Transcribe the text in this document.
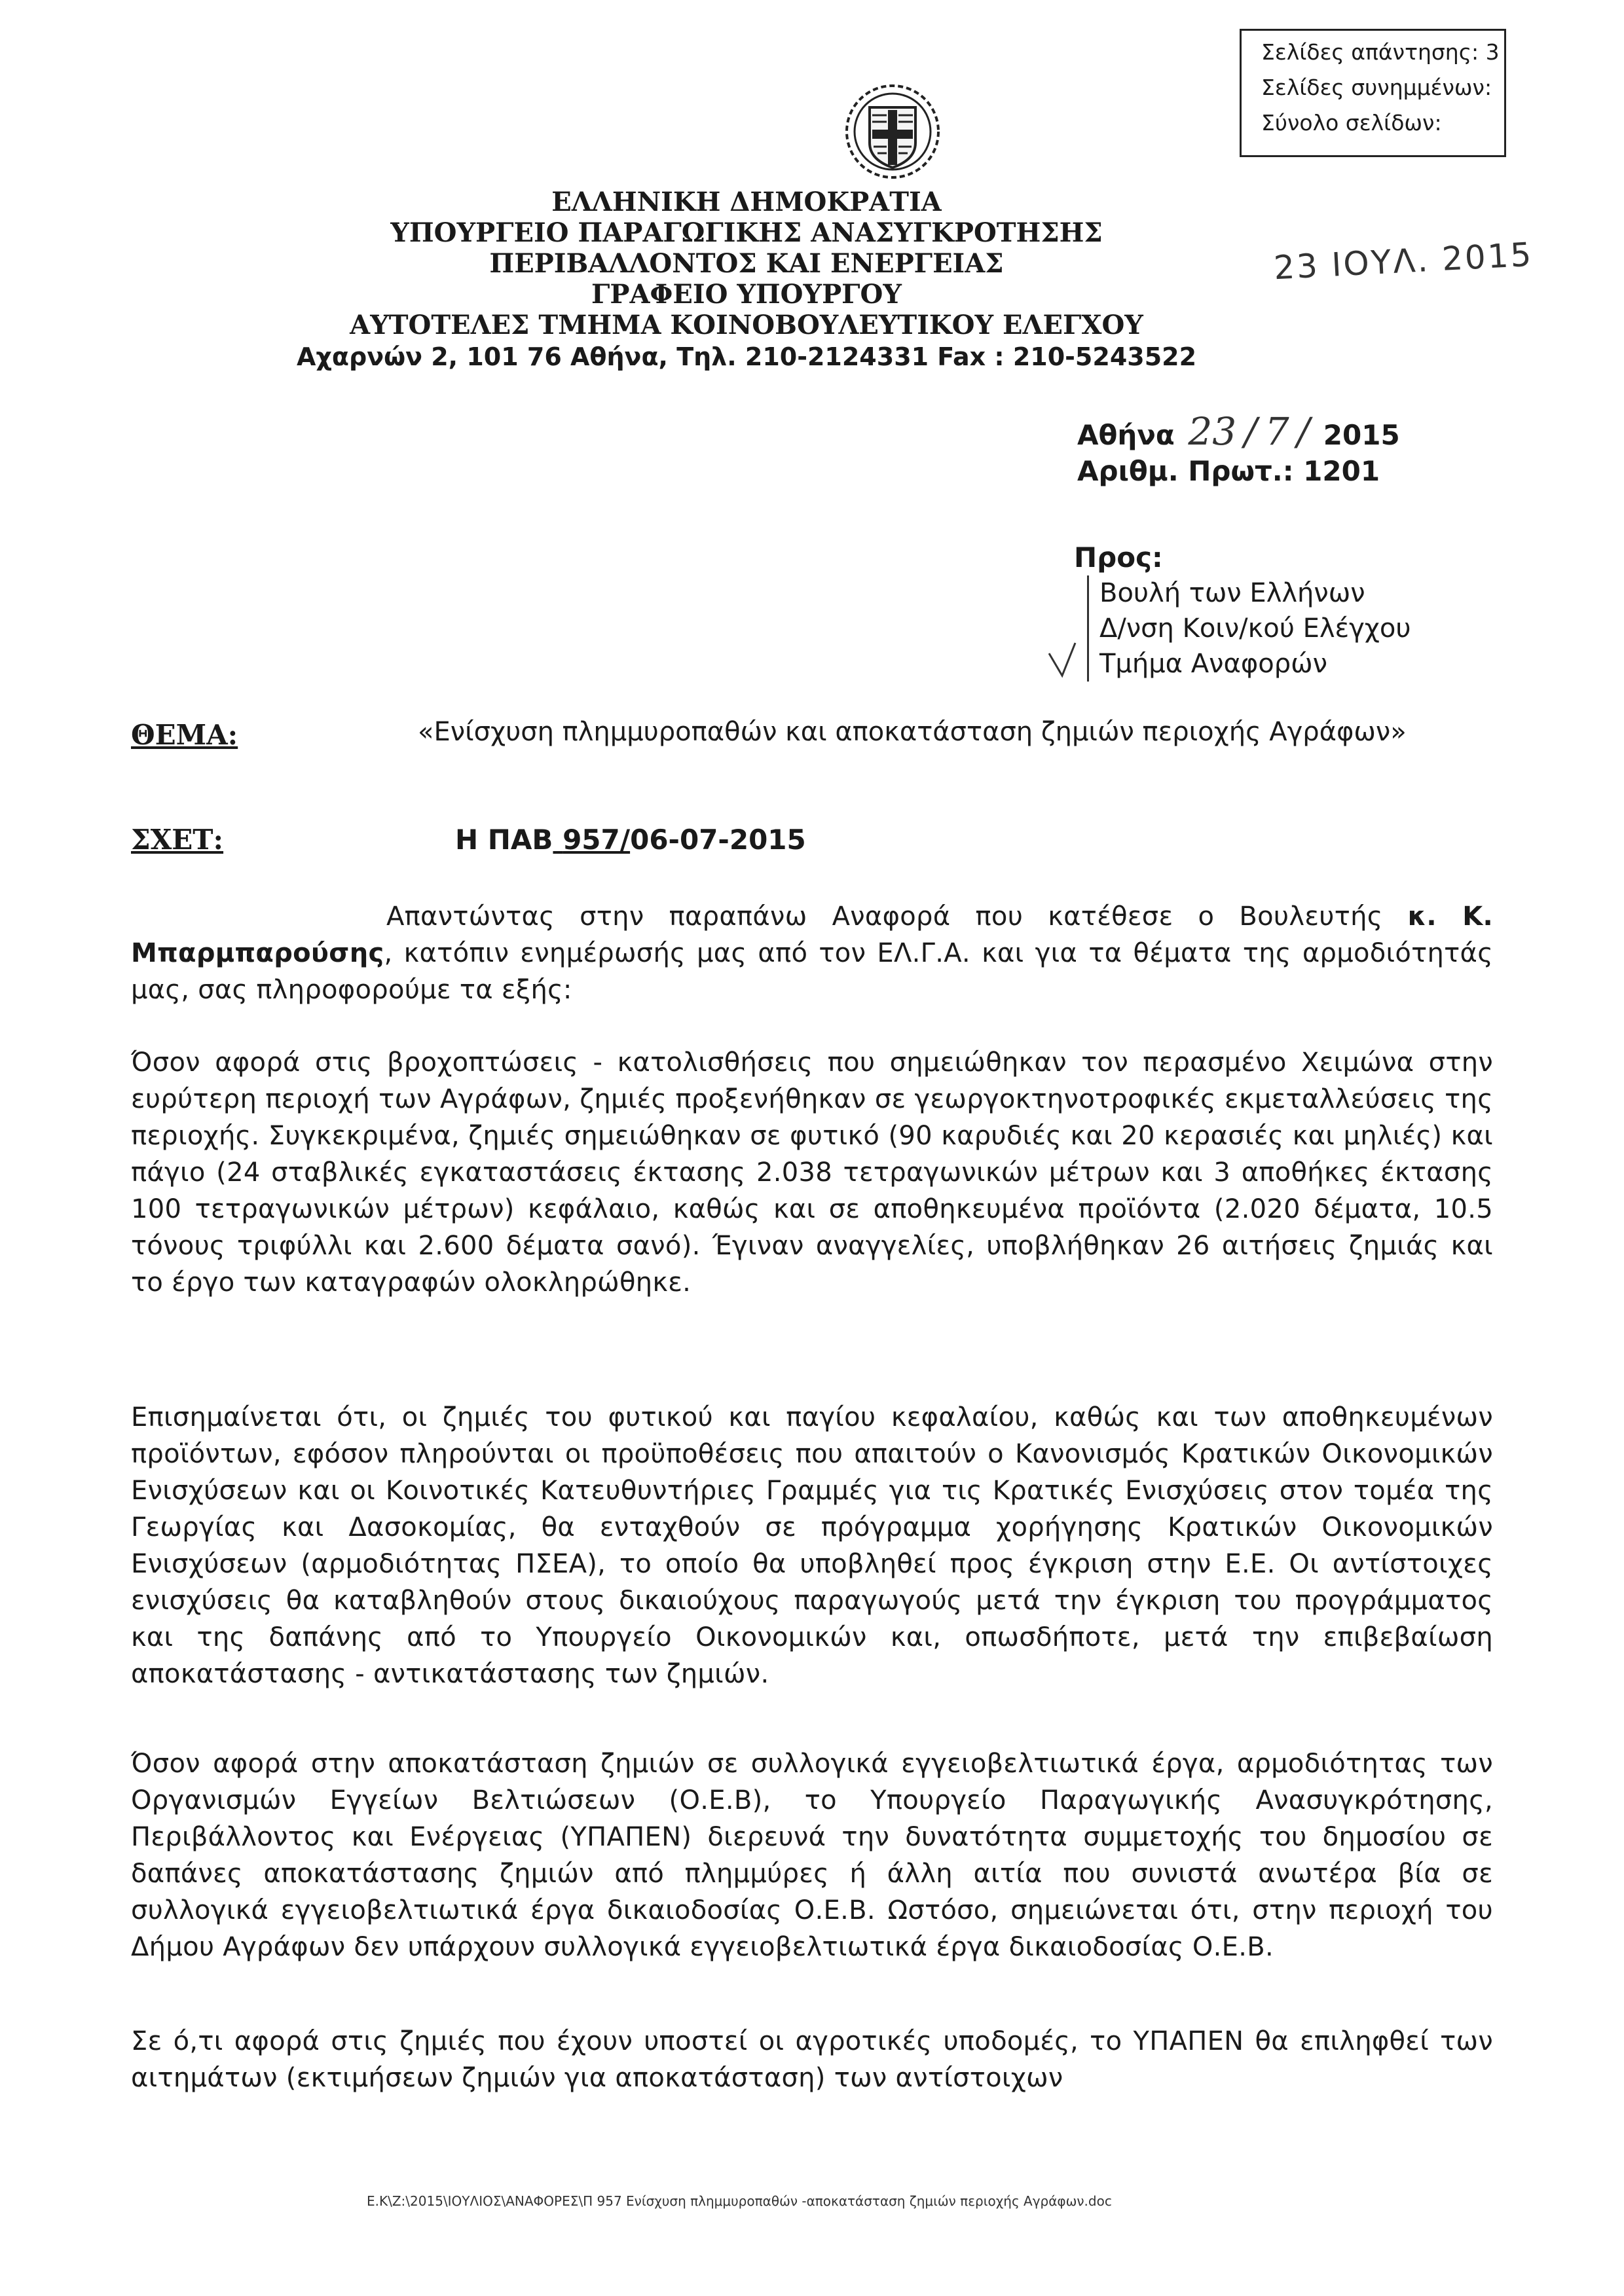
Σελίδες απάντησης: 3
Σελίδες συνημμένων:
Σύνολο σελίδων:
ΕΛΛΗΝΙΚΗ ΔΗΜΟΚΡΑΤΙΑ
ΥΠΟΥΡΓΕΙΟ ΠΑΡΑΓΩΓΙΚΗΣ ΑΝΑΣΥΓΚΡΟΤΗΣΗΣ
ΠΕΡΙΒΑΛΛΟΝΤΟΣ ΚΑΙ ΕΝΕΡΓΕΙΑΣ
ΓΡΑΦΕΙΟ ΥΠΟΥΡΓΟΥ
ΑΥΤΟΤΕΛΕΣ ΤΜΗΜΑ ΚΟΙΝΟΒΟΥΛΕΥΤΙΚΟΥ ΕΛΕΓΧΟΥ
Αχαρνών 2, 101 76 Αθήνα, Τηλ. 210-2124331 Fax : 210-5243522
23 ΙΟΥΛ. 2015
Αθήνα 23 / 7 / 2015
Αριθμ. Πρωτ.: 1201
Προς:
Βουλή των Ελλήνων
Δ/νση Κοιν/κού Ελέγχου
Τμήμα Αναφορών
ΘΕΜΑ:	«Ενίσχυση πλημμυροπαθών και αποκατάσταση ζημιών περιοχής Αγράφων»
ΣΧΕΤ:	Η ΠΑΒ 957/06-07-2015
Απαντώντας στην παραπάνω Αναφορά που κατέθεσε ο Βουλευτής κ. Κ. Μπαρμπαρούσης, κατόπιν ενημέρωσής μας από τον ΕΛ.Γ.Α. και για τα θέματα της αρμοδιότητάς μας, σας πληροφορούμε τα εξής:
Όσον αφορά στις βροχοπτώσεις - κατολισθήσεις που σημειώθηκαν τον περασμένο Χειμώνα στην ευρύτερη περιοχή των Αγράφων, ζημιές προξενήθηκαν σε γεωργοκτηνοτροφικές εκμεταλλεύσεις της περιοχής. Συγκεκριμένα, ζημιές σημειώθηκαν σε φυτικό (90 καρυδιές και 20 κερασιές και μηλιές) και πάγιο (24 σταβλικές εγκαταστάσεις έκτασης 2.038 τετραγωνικών μέτρων και 3 αποθήκες έκτασης 100 τετραγωνικών μέτρων) κεφάλαιο, καθώς και σε αποθηκευμένα προϊόντα (2.020 δέματα, 10.5 τόνους τριφύλλι και 2.600 δέματα σανό). Έγιναν αναγγελίες, υποβλήθηκαν 26 αιτήσεις ζημιάς και το έργο των καταγραφών ολοκληρώθηκε.
Επισημαίνεται ότι, οι ζημιές του φυτικού και παγίου κεφαλαίου, καθώς και των αποθηκευμένων προϊόντων, εφόσον πληρούνται οι προϋποθέσεις που απαιτούν ο Κανονισμός Κρατικών Οικονομικών Ενισχύσεων και οι Κοινοτικές Κατευθυντήριες Γραμμές για τις Κρατικές Ενισχύσεις στον τομέα της Γεωργίας και Δασοκομίας, θα ενταχθούν σε πρόγραμμα χορήγησης Κρατικών Οικονομικών Ενισχύσεων (αρμοδιότητας ΠΣΕΑ), το οποίο θα υποβληθεί προς έγκριση στην Ε.Ε. Οι αντίστοιχες ενισχύσεις θα καταβληθούν στους δικαιούχους παραγωγούς μετά την έγκριση του προγράμματος και της δαπάνης από το Υπουργείο Οικονομικών και, οπωσδήποτε, μετά την επιβεβαίωση αποκατάστασης - αντικατάστασης των ζημιών.
Όσον αφορά στην αποκατάσταση ζημιών σε συλλογικά εγγειοβελτιωτικά έργα, αρμοδιότητας των Οργανισμών Εγγείων Βελτιώσεων (Ο.Ε.Β), το Υπουργείο Παραγωγικής Ανασυγκρότησης, Περιβάλλοντος και Ενέργειας (ΥΠΑΠΕΝ) διερευνά την δυνατότητα συμμετοχής του δημοσίου σε δαπάνες αποκατάστασης ζημιών από πλημμύρες ή άλλη αιτία που συνιστά ανωτέρα βία σε συλλογικά εγγειοβελτιωτικά έργα δικαιοδοσίας Ο.Ε.Β. Ωστόσο, σημειώνεται ότι, στην περιοχή του Δήμου Αγράφων δεν υπάρχουν συλλογικά εγγειοβελτιωτικά έργα δικαιοδοσίας Ο.Ε.Β.
Σε ό,τι αφορά στις ζημιές που έχουν υποστεί οι αγροτικές υποδομές, το ΥΠΑΠΕΝ θα επιληφθεί των αιτημάτων (εκτιμήσεων ζημιών για αποκατάσταση) των αντίστοιχων
Ε.Κ\Z:\2015\ΙΟΥΛΙΟΣ\ΑΝΑΦΟΡΕΣ\Π 957 Ενίσχυση πλημμυροπαθών -αποκατάσταση ζημιών περιοχής Αγράφων.doc
